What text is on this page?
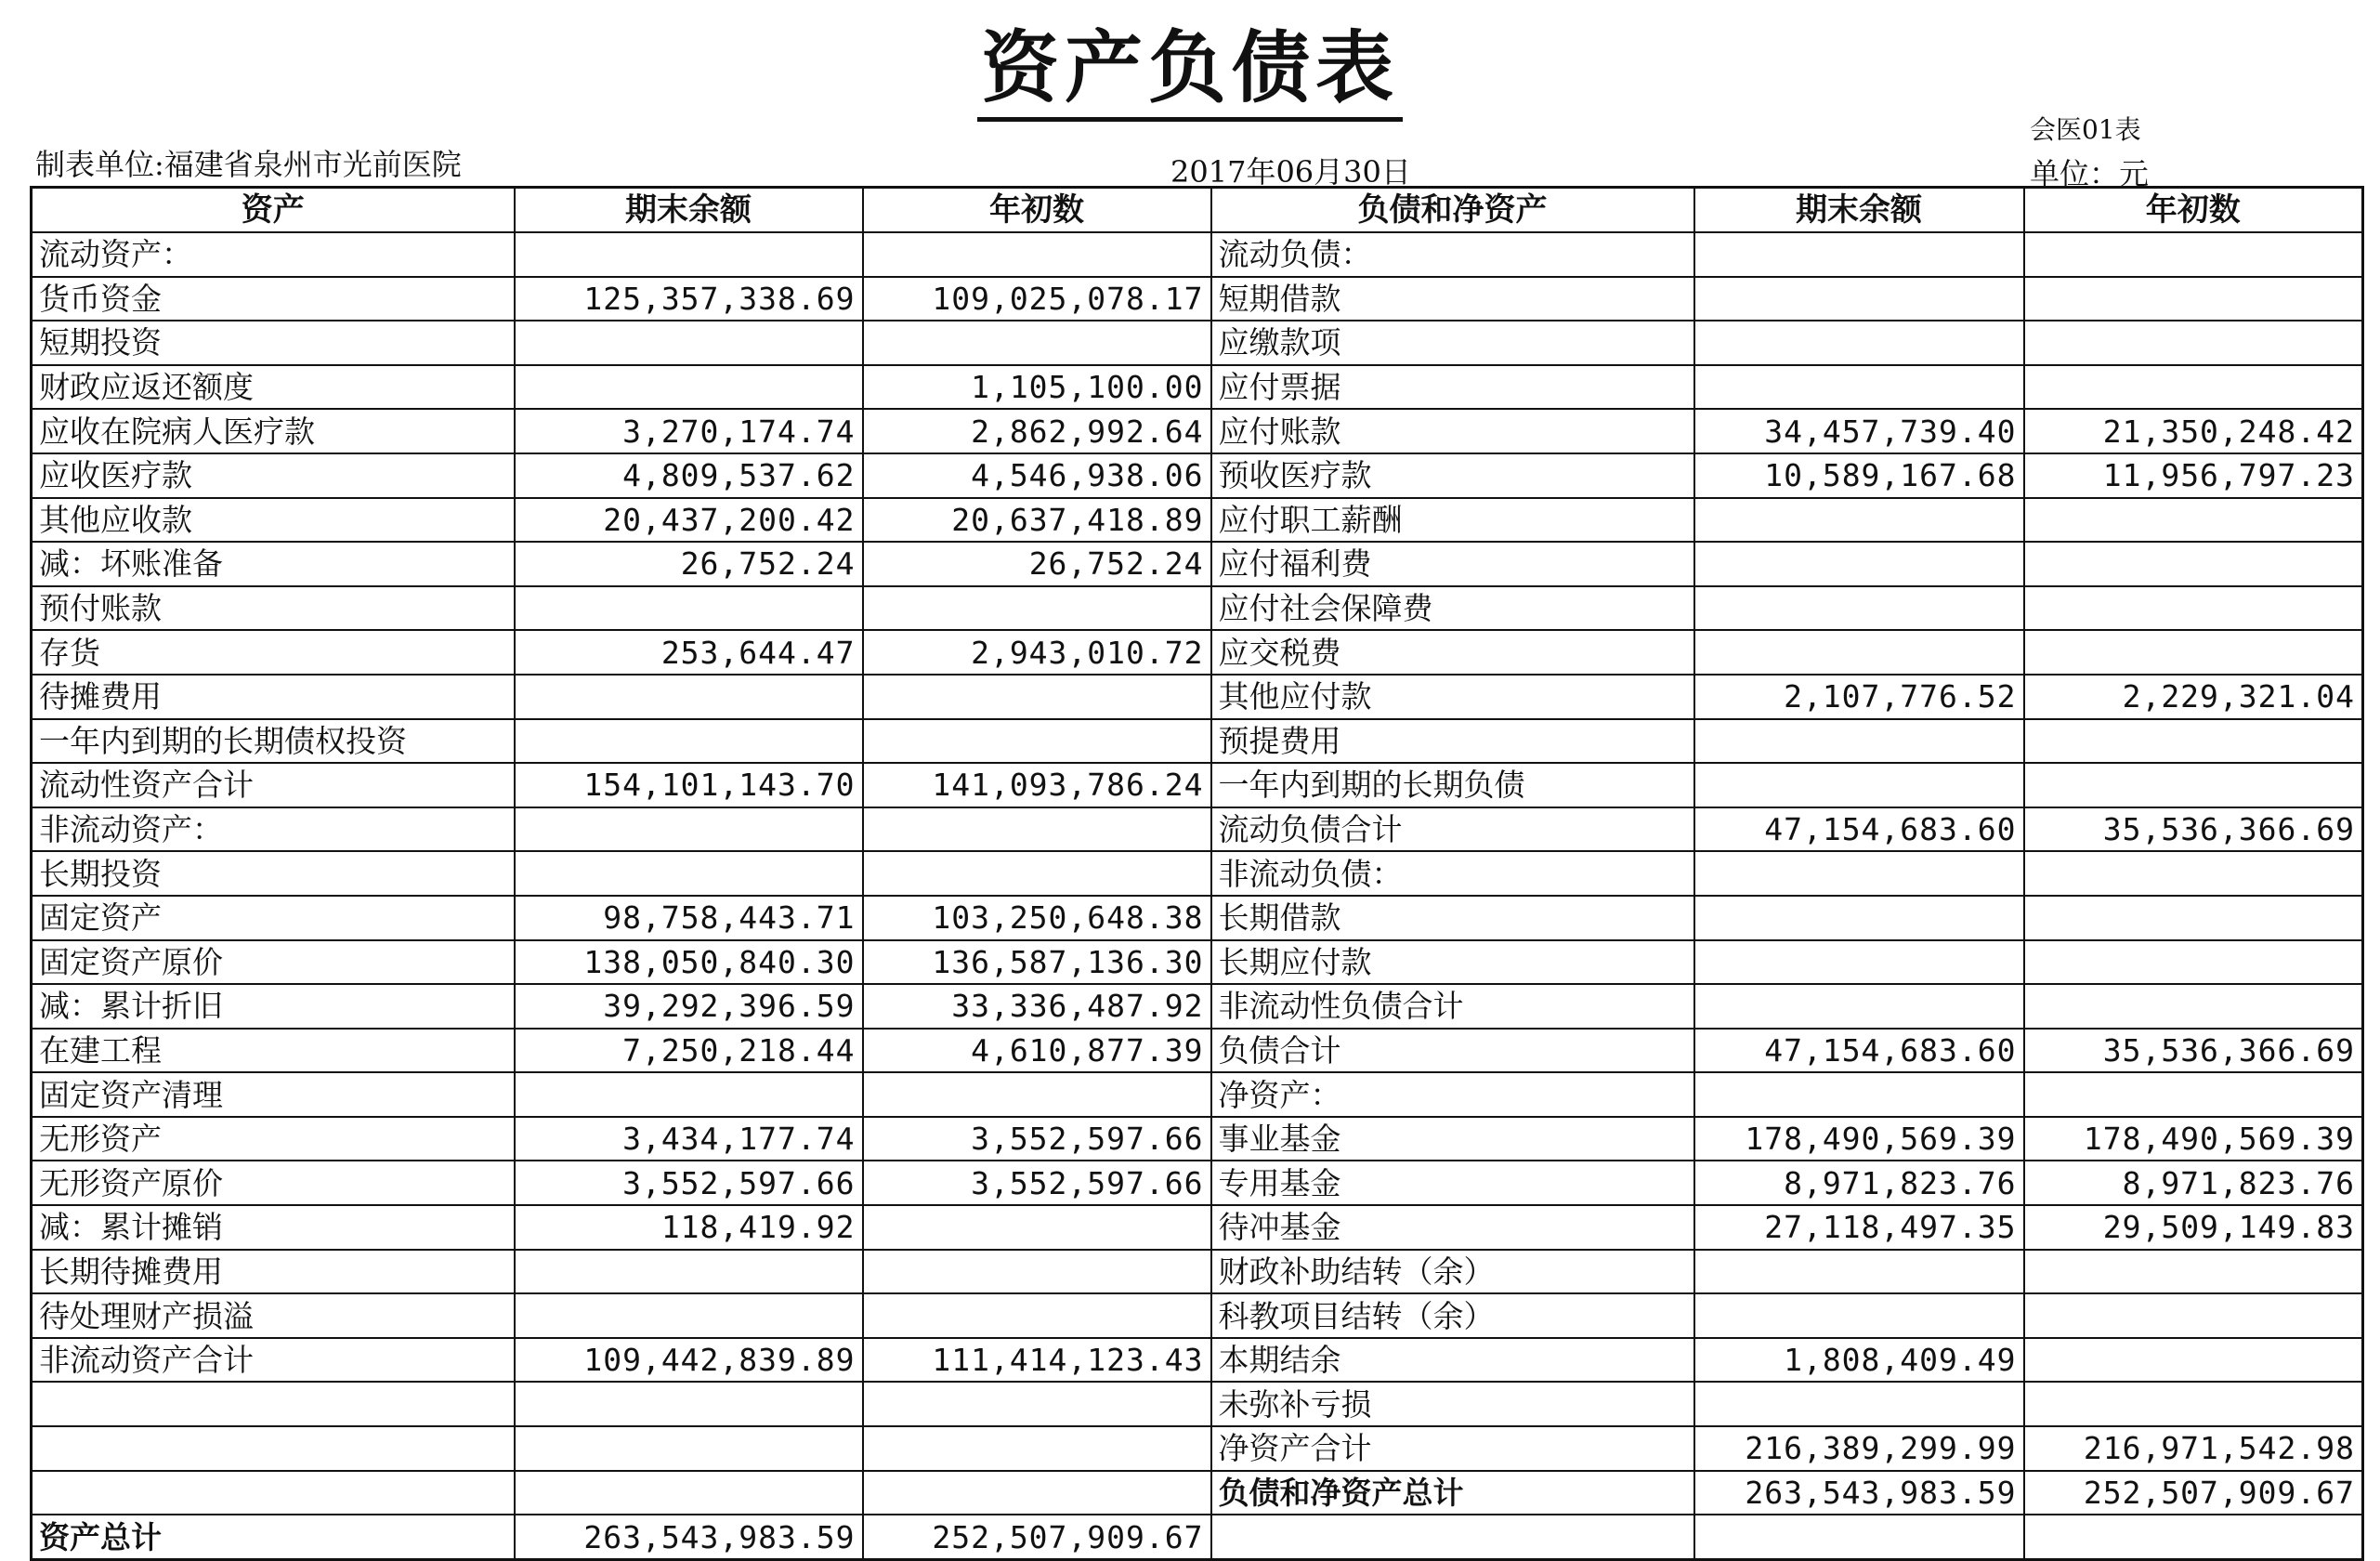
资产负债表
会医01表
单位：元
制表单位:福建省泉州市光前医院	2017年06月30日
资产	期末余额	年初数	负债和净资产	期末余额	年初数
流动资产：			流动负债：		
货币资金	125,357,338.69	109,025,078.17	短期借款		
短期投资			应缴款项		
财政应返还额度		1,105,100.00	应付票据		
应收在院病人医疗款	3,270,174.74	2,862,992.64	应付账款	34,457,739.40	21,350,248.42
应收医疗款	4,809,537.62	4,546,938.06	预收医疗款	10,589,167.68	11,956,797.23
其他应收款	20,437,200.42	20,637,418.89	应付职工薪酬		
减：坏账准备	26,752.24	26,752.24	应付福利费		
预付账款			应付社会保障费		
存货	253,644.47	2,943,010.72	应交税费		
待摊费用			其他应付款	2,107,776.52	2,229,321.04
一年内到期的长期债权投资			预提费用		
流动性资产合计	154,101,143.70	141,093,786.24	一年内到期的长期负债		
非流动资产：			流动负债合计	47,154,683.60	35,536,366.69
长期投资			非流动负债：		
固定资产	98,758,443.71	103,250,648.38	长期借款		
固定资产原价	138,050,840.30	136,587,136.30	长期应付款		
减：累计折旧	39,292,396.59	33,336,487.92	非流动性负债合计		
在建工程	7,250,218.44	4,610,877.39	负债合计	47,154,683.60	35,536,366.69
固定资产清理			净资产：		
无形资产	3,434,177.74	3,552,597.66	事业基金	178,490,569.39	178,490,569.39
无形资产原价	3,552,597.66	3,552,597.66	专用基金	8,971,823.76	8,971,823.76
减：累计摊销	118,419.92		待冲基金	27,118,497.35	29,509,149.83
长期待摊费用			财政补助结转（余）		
待处理财产损溢			科教项目结转（余）		
非流动资产合计	109,442,839.89	111,414,123.43	本期结余	1,808,409.49	
			未弥补亏损		
			净资产合计	216,389,299.99	216,971,542.98
			负债和净资产总计	263,543,983.59	252,507,909.67
资产总计	263,543,983.59	252,507,909.67			
